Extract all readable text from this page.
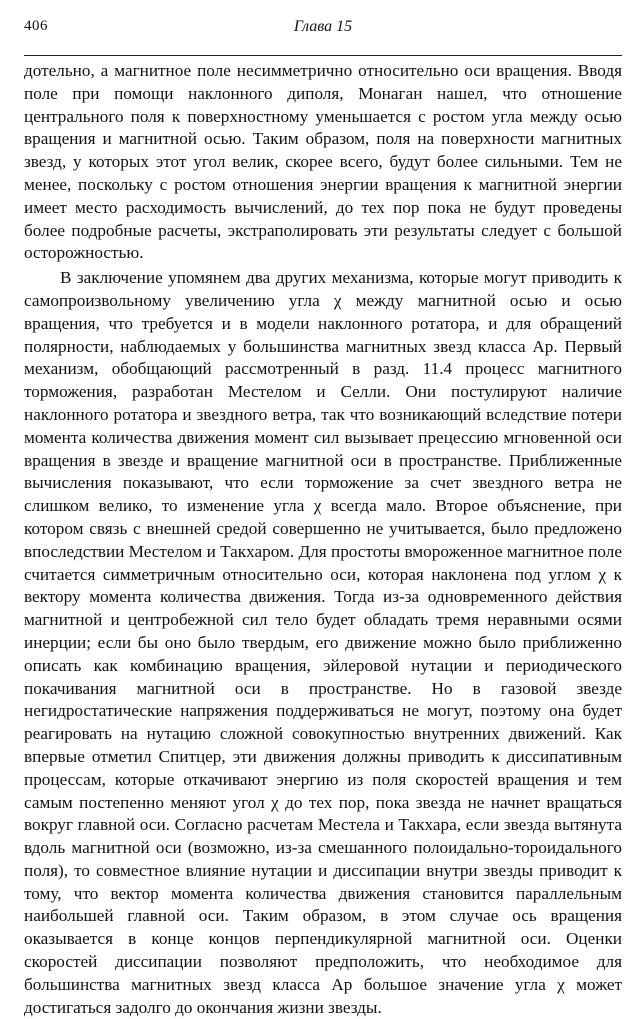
406	Глава 15

дотельно, а магнитное поле несимметрично относительно оси вращения. Вводя поле при помощи наклонного диполя, Монаган нашел, что отношение центрального поля к поверхностному уменьшается с ростом угла между осью вращения и магнитной осью. Таким образом, поля на поверхности магнитных звезд, у которых этот угол велик, скорее всего, будут более сильными. Тем не менее, поскольку с ростом отношения энергии вращения к магнитной энергии имеет место расходимость вычислений, до тех пор пока не будут проведены более подробные расчеты, экстраполировать эти результаты следует с большой осторожностью.

В заключение упомянем два других механизма, которые могут приводить к самопроизвольному увеличению угла χ между магнитной осью и осью вращения, что требуется и в модели наклонного ротатора, и для обращений полярности, наблюдаемых у большинства магнитных звезд класса Ар. Первый механизм, обобщающий рассмотренный в разд. 11.4 процесс магнитного торможения, разработан Местелом и Селли. Они постулируют наличие наклонного ротатора и звездного ветра, так что возникающий вследствие потери момента количества движения момент сил вызывает прецессию мгновенной оси вращения в звезде и вращение магнитной оси в пространстве. Приближенные вычисления показывают, что если торможение за счет звездного ветра не слишком велико, то изменение угла χ всегда мало. Второе объяснение, при котором связь с внешней средой совершенно не учитывается, было предложено впоследствии Местелом и Такхаром. Для простоты вмороженное магнитное поле считается симметричным относительно оси, которая наклонена под углом χ к вектору момента количества движения. Тогда из-за одновременного действия магнитной и центробежной сил тело будет обладать тремя неравными осями инерции; если бы оно было твердым, его движение можно было приближенно описать как комбинацию вращения, эйлеровой нутации и периодического покачивания магнитной оси в пространстве. Но в газовой звезде негидростатические напряжения поддерживаться не могут, поэтому она будет реагировать на нутацию сложной совокупностью внутренних движений. Как впервые отметил Спитцер, эти движения должны приводить к диссипативным процессам, которые откачивают энергию из поля скоростей вращения и тем самым постепенно меняют угол χ до тех пор, пока звезда не начнет вращаться вокруг главной оси. Согласно расчетам Местела и Такхара, если звезда вытянута вдоль магнитной оси (возможно, из-за смешанного полоидально-тороидального поля), то совместное влияние нутации и диссипации внутри звезды приводит к тому, что вектор момента количества движения становится параллельным наибольшей главной оси. Таким образом, в этом случае ось вращения оказывается в конце концов перпендикулярной магнитной оси. Оценки скоростей диссипации позволяют предположить, что необходимое для большинства магнитных звезд класса Ар большое значение угла χ может достигаться задолго до окончания жизни звезды.
